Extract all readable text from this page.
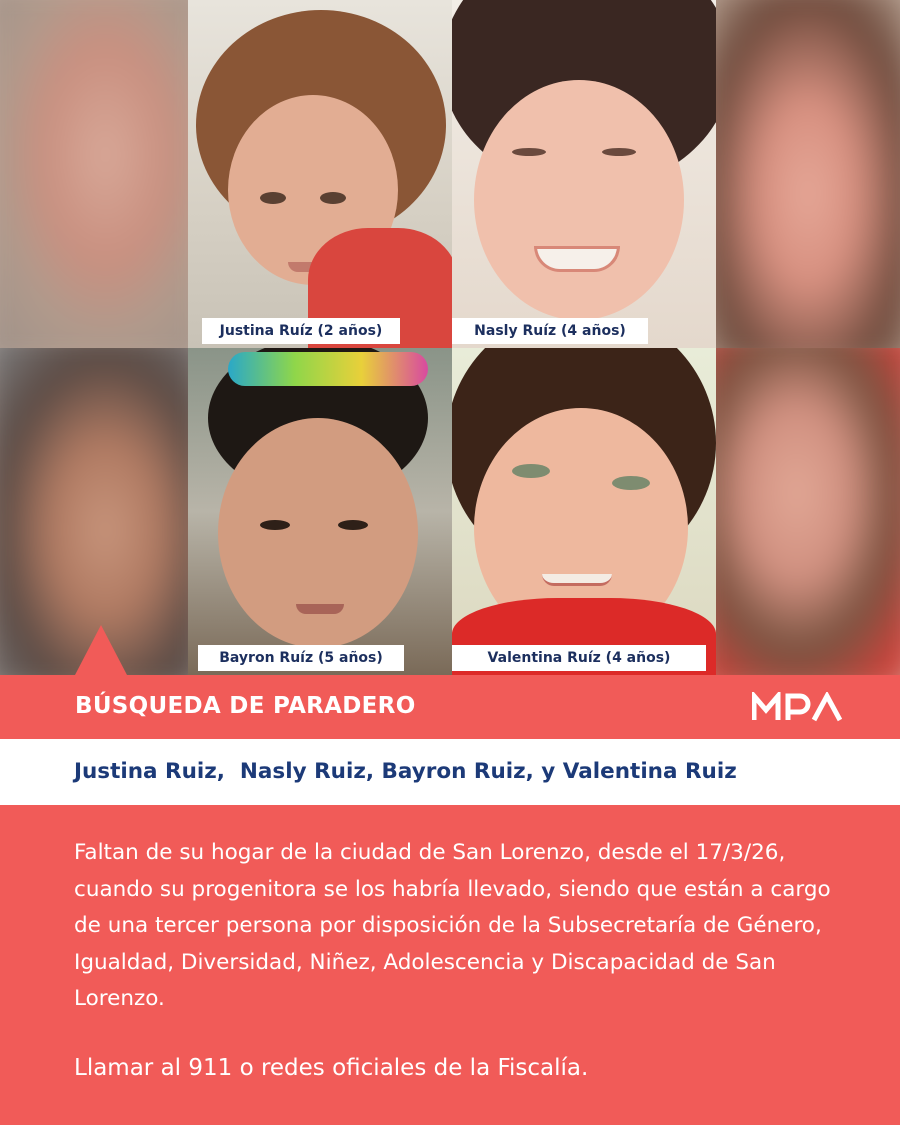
Justina Ruíz (2 años)	Nasly Ruíz (4 años)
Bayron Ruíz (5 años)	Valentina Ruíz (4 años)
BÚSQUEDA DE PARADERO
Justina Ruiz,  Nasly Ruiz, Bayron Ruiz, y Valentina Ruiz

Faltan de su hogar de la ciudad de San Lorenzo, desde el 17/3/26, cuando su progenitora se los habría llevado, siendo que están a cargo de una tercer persona por disposición de la Subsecretaría de Género, Igualdad, Diversidad, Niñez, Adolescencia y Discapacidad de San Lorenzo.

Llamar al 911 o redes oficiales de la Fiscalía.
